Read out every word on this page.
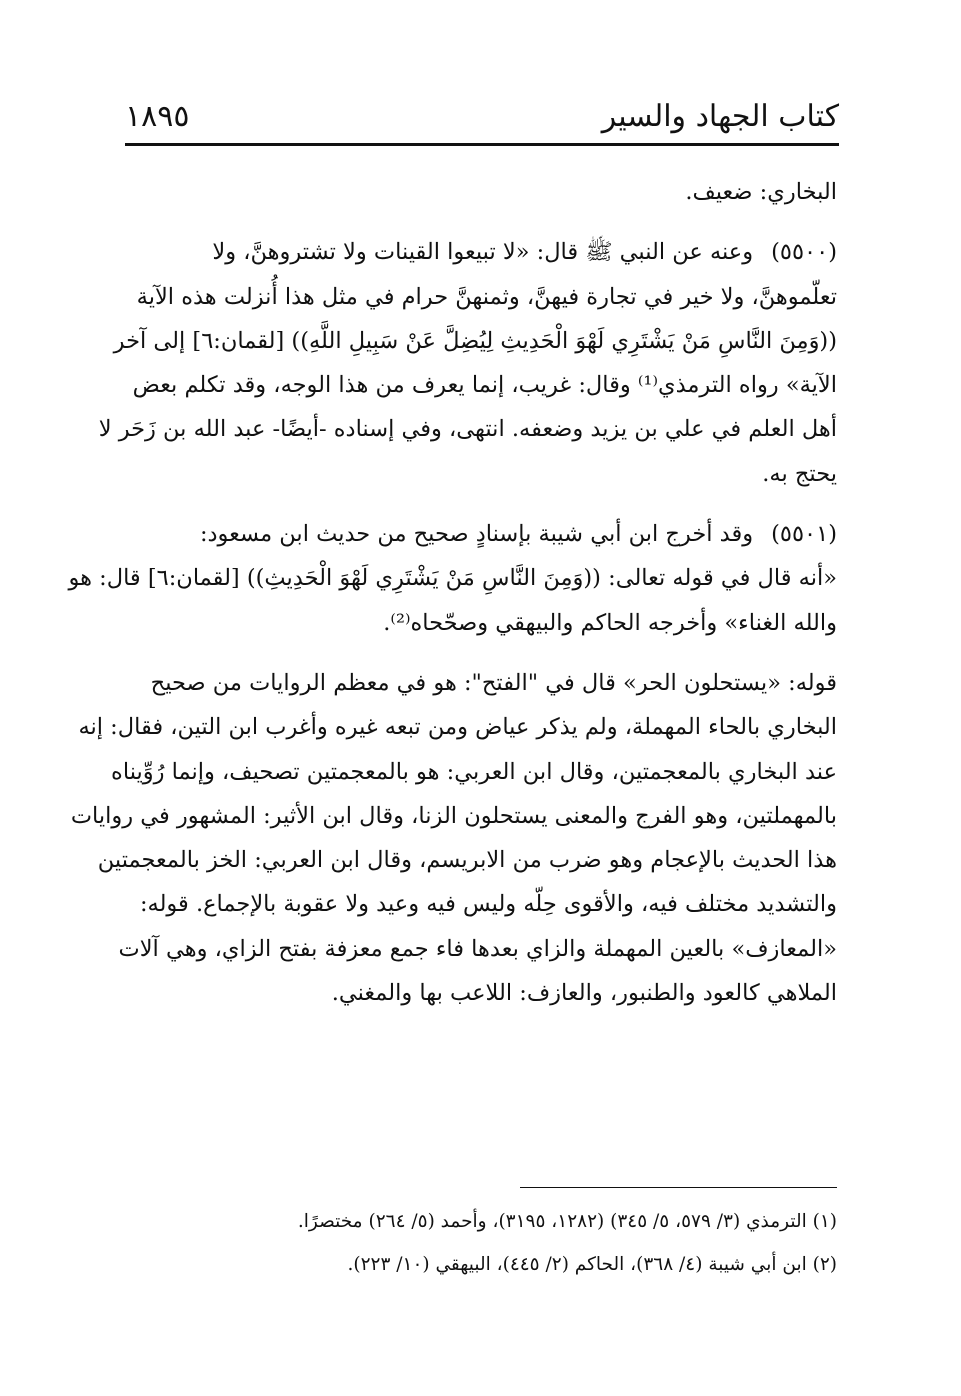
كتاب الجهاد والسير
١٨٩٥
البخاري: ضعيف.
(٥٥٠٠)وعنه عن النبي ﷺ قال: «لا تبيعوا القينات ولا تشتروهنَّ، ولا
تعلّموهنَّ، ولا خير في تجارة فيهنَّ، وثمنهنَّ حرام في مثل هذا أُنزلت هذه الآية
((وَمِنَ النَّاسِ مَنْ يَشْتَرِي لَهْوَ الْحَدِيثِ لِيُضِلَّ عَنْ سَبِيلِ اللَّهِ)) [لقمان:٦] إلى آخر
الآية» رواه الترمذي⁽¹⁾ وقال: غريب، إنما يعرف من هذا الوجه، وقد تكلم بعض
أهل العلم في علي بن يزيد وضعفه. انتهى، وفي إسناده -أيضًا- عبد الله بن زَحَر لا
يحتج به.
(٥٥٠١)وقد أخرج ابن أبي شيبة بإسنادٍ صحيح من حديث ابن مسعود:
«أنه قال في قوله تعالى: ((وَمِنَ النَّاسِ مَنْ يَشْتَرِي لَهْوَ الْحَدِيثِ)) [لقمان:٦] قال: هو
والله الغناء» وأخرجه الحاكم والبيهقي وصحّحاه⁽²⁾.
قوله: «يستحلون الحر» قال في "الفتح": هو في معظم الروايات من صحيح
البخاري بالحاء المهملة، ولم يذكر عياض ومن تبعه غيره وأغرب ابن التين، فقال: إنه
عند البخاري بالمعجمتين، وقال ابن العربي: هو بالمعجمتين تصحيف، وإنما رُوِّيناه
بالمهملتين، وهو الفرج والمعنى يستحلون الزنا، وقال ابن الأثير: المشهور في روايات
هذا الحديث بالإعجام وهو ضرب من الابريسم، وقال ابن العربي: الخز بالمعجمتين
والتشديد مختلف فيه، والأقوى حِلّه وليس فيه وعيد ولا عقوبة بالإجماع. قوله:
«المعازف» بالعين المهملة والزاي بعدها فاء جمع معزفة بفتح الزاي، وهي آلات
الملاهي كالعود والطنبور، والعازف: اللاعب بها والمغني.
(١) الترمذي (٣/ ٥٧٩، ٥/ ٣٤٥) (١٢٨٢، ٣١٩٥)، وأحمد (٥/ ٢٦٤) مختصرًا.
(٢) ابن أبي شيبة (٤/ ٣٦٨)، الحاكم (٢/ ٤٤٥)، البيهقي (١٠/ ٢٢٣).
